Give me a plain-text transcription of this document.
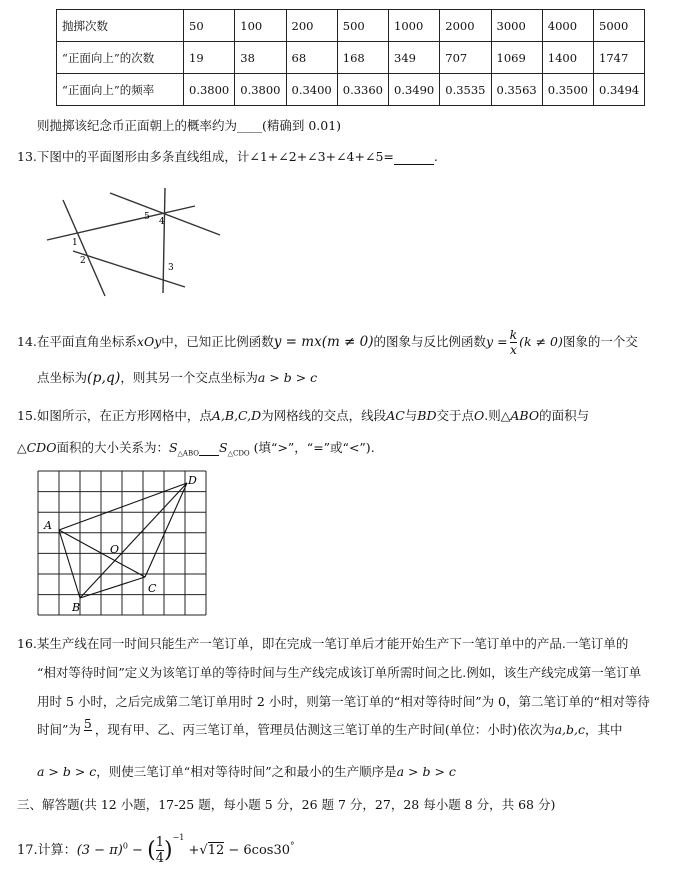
抛掷次数	50	100	200	500	1000	2000	3000	4000	5000
“正面向上”的次数	19	38	68	168	349	707	1069	1400	1747
“正面向上”的频率	0.3800	0.3800	0.3400	0.3360	0.3490	0.3535	0.3563	0.3500	0.3494
则抛掷该纪念币正面朝上的概率约为____(精确到 0.01)
13.下图中的平面图形由多条直线组成，计∠1+∠2+∠3+∠4+∠5=	.
1
2
3
4
5
14.在平面直角坐标系xOy中，已知正比例函数y = mx(m ≠ 0)的图象与反比例函数$y = \frac{k}{x} (k \ne 0)$图象的一个交
点坐标为(p,q)，则其另一个交点坐标为a > b > c
15.如图所示，在正方形网格中，点A,B,C,D为网格线的交点，线段AC与BD交于点O.则△ABO的面积与
△CDO面积的大小关系为：$S_{\triangle ABO}$ $S_{\triangle CDO}$ (填“>”，“=”或“<”).
A
B
C
D
O
16.某生产线在同一时间只能生产一笔订单，即在完成一笔订单后才能开始生产下一笔订单中的产品.一笔订单的
“相对等待时间”定义为该笔订单的等待时间与生产线完成该订单所需时间之比.例如，该生产线完成第一笔订单
用时 5 小时，之后完成第二笔订单用时 2 小时，则第一笔订单的“相对等待时间”为 0，第二笔订单的“相对等待
时间”为 5
，现有甲、乙、丙三笔订单，管理员估测这三笔订单的生产时间(单位：小时)依次为a,b,c，其中
a > b > c，则使三笔订单“相对等待时间”之和最小的生产顺序是a > b > c
三、解答题(共 12 小题，17-25 题，每小题 5 分，26 题 7 分，27，28 每小题 8 分，共 68 分)
17.计算：$(3 - \pi)^0$ − ( $\frac{1}{4} )^{-1} +√12 - 6\cos 30^\circ$
